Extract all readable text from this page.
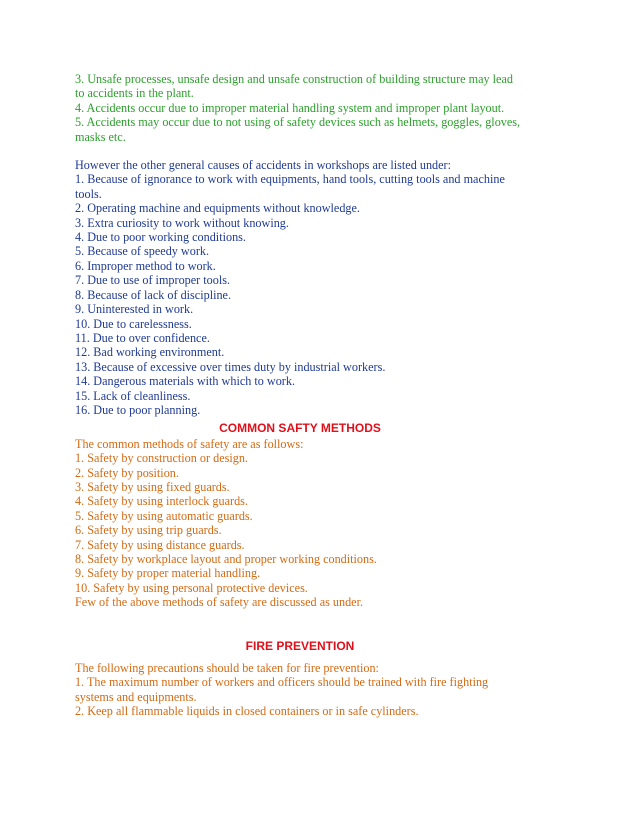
3. Unsafe processes, unsafe design and unsafe construction of building structure may lead to accidents in the plant.
4. Accidents occur due to improper material handling system and improper plant layout.
5. Accidents may occur due to not using of safety devices such as helmets, goggles, gloves, masks etc.
However the other general causes of accidents in workshops are listed under:
1. Because of ignorance to work with equipments, hand tools, cutting tools and machine tools.
2. Operating machine and equipments without knowledge.
3. Extra curiosity to work without knowing.
4. Due to poor working conditions.
5. Because of speedy work.
6. Improper method to work.
7. Due to use of improper tools.
8. Because of lack of discipline.
9. Uninterested in work.
10. Due to carelessness.
11. Due to over confidence.
12. Bad working environment.
13. Because of excessive over times duty by industrial workers.
14. Dangerous materials with which to work.
15. Lack of cleanliness.
16. Due to poor planning.
COMMON SAFTY METHODS
The common methods of safety are as follows:
1. Safety by construction or design.
2. Safety by position.
3. Safety by using fixed guards.
4. Safety by using interlock guards.
5. Safety by using automatic guards.
6. Safety by using trip guards.
7. Safety by using distance guards.
8. Safety by workplace layout and proper working conditions.
9. Safety by proper material handling.
10. Safety by using personal protective devices.
Few of the above methods of safety are discussed as under.
FIRE PREVENTION
The following precautions should be taken for fire prevention:
1. The maximum number of workers and officers should be trained with fire fighting systems and equipments.
2. Keep all flammable liquids in closed containers or in safe cylinders.
